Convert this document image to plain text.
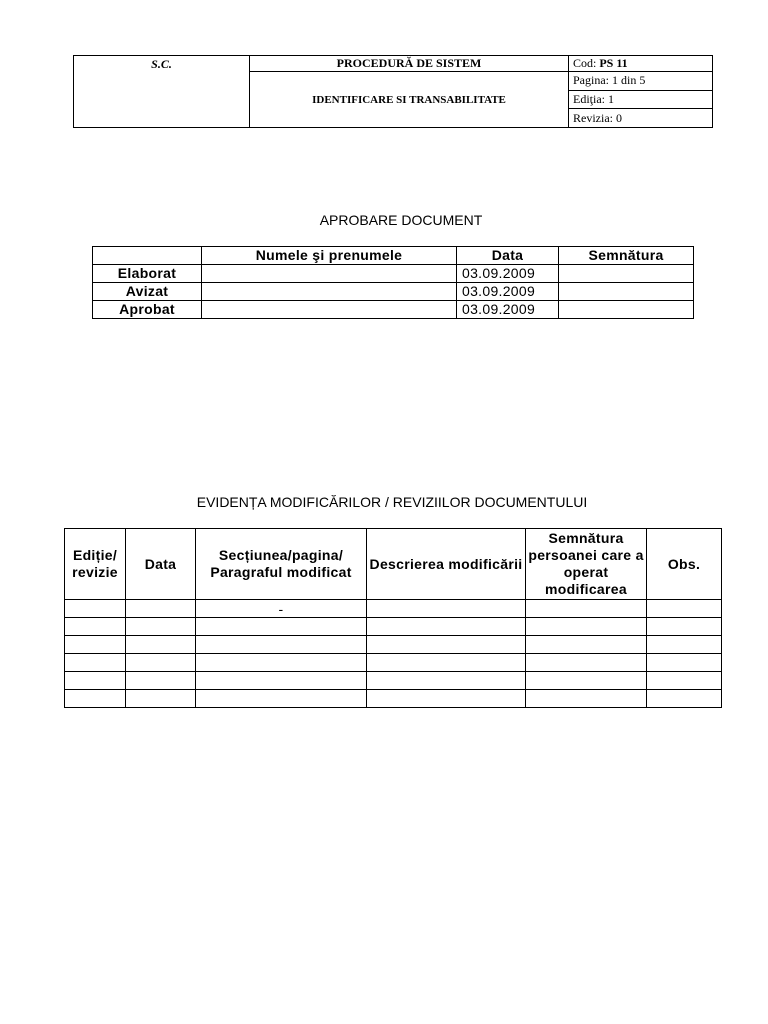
S.C.	PROCEDURĂ DE SISTEM	Cod: PS 11
	IDENTIFICARE SI TRANSABILITATE	Pagina: 1 din 5
		Ediţia: 1
		Revizia: 0
APROBARE DOCUMENT
	Numele şi prenumele	Data	Semnătura
Elaborat		03.09.2009	
Avizat		03.09.2009	
Aprobat		03.09.2009	
EVIDENȚA MODIFICĂRILOR / REVIZIILOR DOCUMENTULUI
Ediție/ revizie	Data	Secțiunea/pagina/ Paragraful modificat	Descrierea modificării	Semnătura persoanei care a operat modificarea	Obs.
		-			
